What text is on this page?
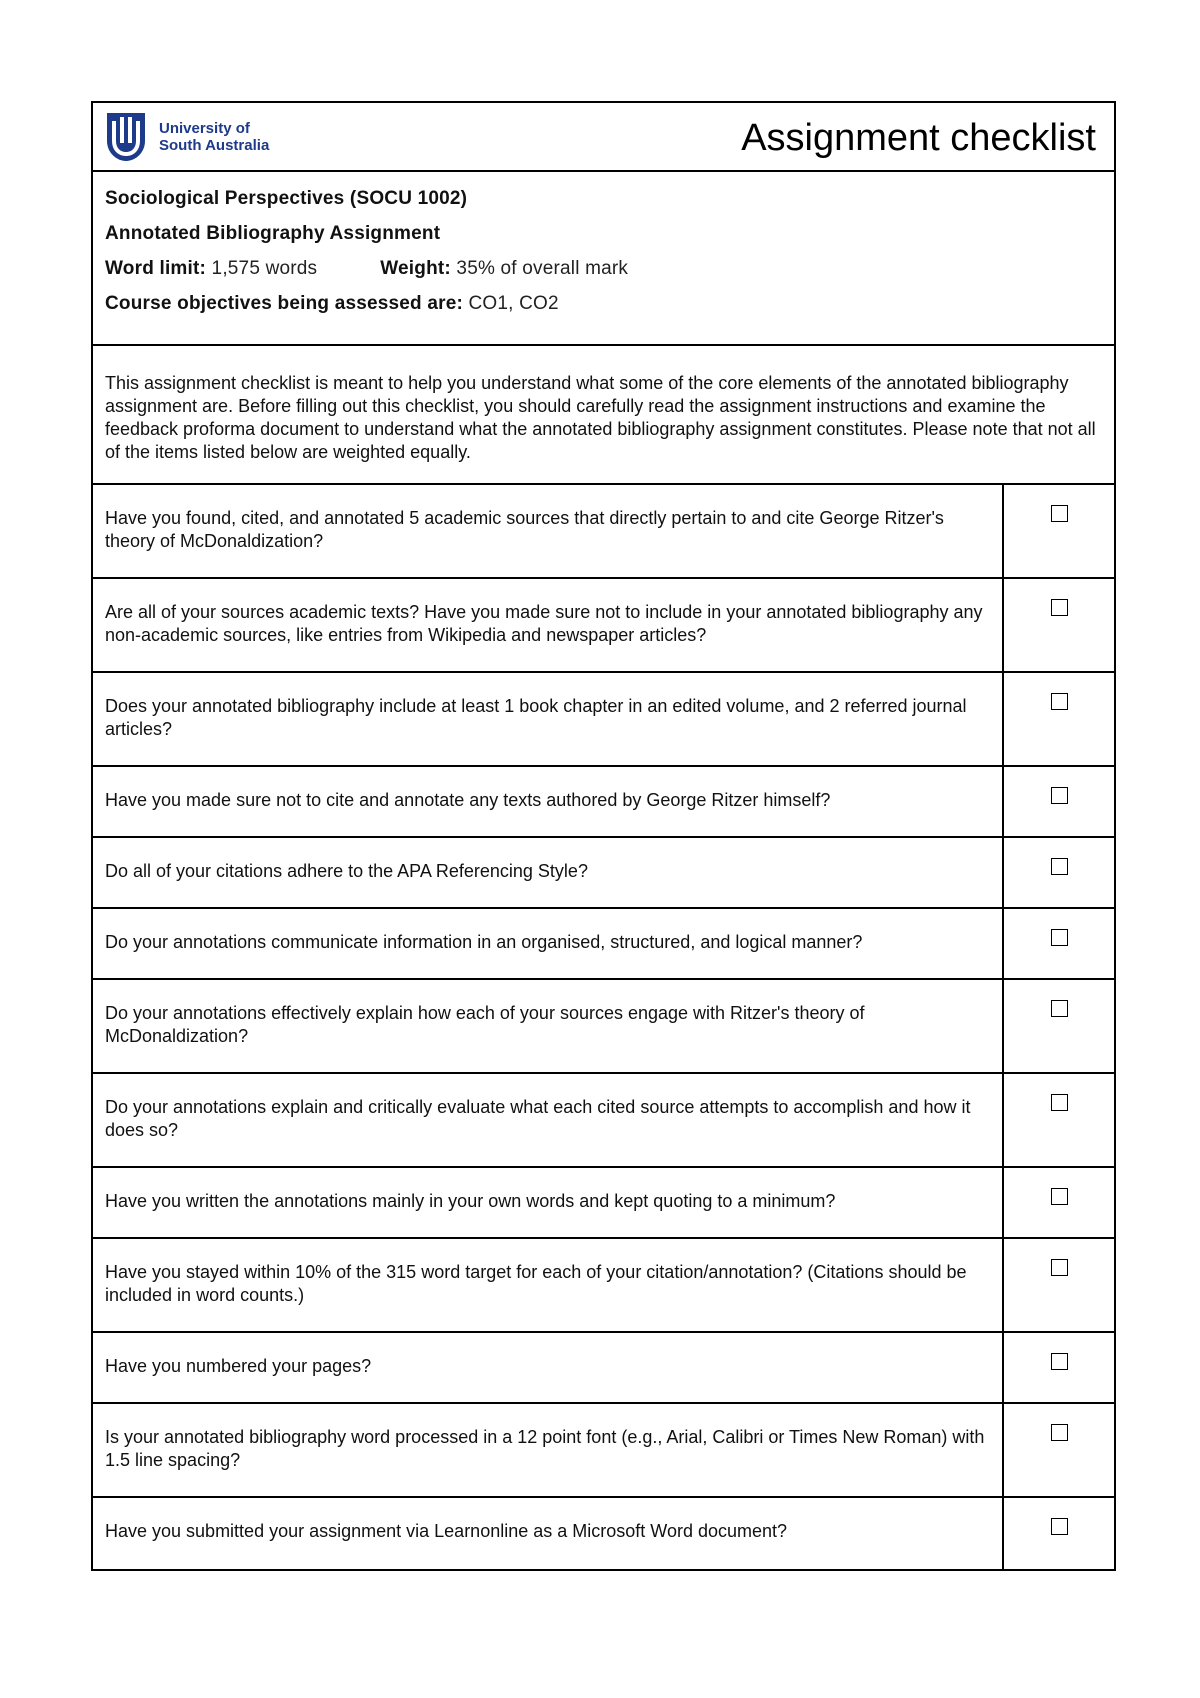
University of
South Australia	Assignment checklist
Sociological Perspectives (SOCU 1002)
Annotated Bibliography Assignment
Word limit: 1,575 words	Weight: 35% of overall mark
Course objectives being assessed are: CO1, CO2
This assignment checklist is meant to help you understand what some of the core elements of the annotated bibliography assignment are. Before filling out this checklist, you should carefully read the assignment instructions and examine the feedback proforma document to understand what the annotated bibliography assignment constitutes. Please note that not all of the items listed below are weighted equally.
Have you found, cited, and annotated 5 academic sources that directly pertain to and cite George Ritzer's theory of McDonaldization?
Are all of your sources academic texts? Have you made sure not to include in your annotated bibliography any non-academic sources, like entries from Wikipedia and newspaper articles?
Does your annotated bibliography include at least 1 book chapter in an edited volume, and 2 referred journal articles?
Have you made sure not to cite and annotate any texts authored by George Ritzer himself?
Do all of your citations adhere to the APA Referencing Style?
Do your annotations communicate information in an organised, structured, and logical manner?
Do your annotations effectively explain how each of your sources engage with Ritzer's theory of McDonaldization?
Do your annotations explain and critically evaluate what each cited source attempts to accomplish and how it does so?
Have you written the annotations mainly in your own words and kept quoting to a minimum?
Have you stayed within 10% of the 315 word target for each of your citation/annotation? (Citations should be included in word counts.)
Have you numbered your pages?
Is your annotated bibliography word processed in a 12 point font (e.g., Arial, Calibri or Times New Roman) with 1.5 line spacing?
Have you submitted your assignment via Learnonline as a Microsoft Word document?
